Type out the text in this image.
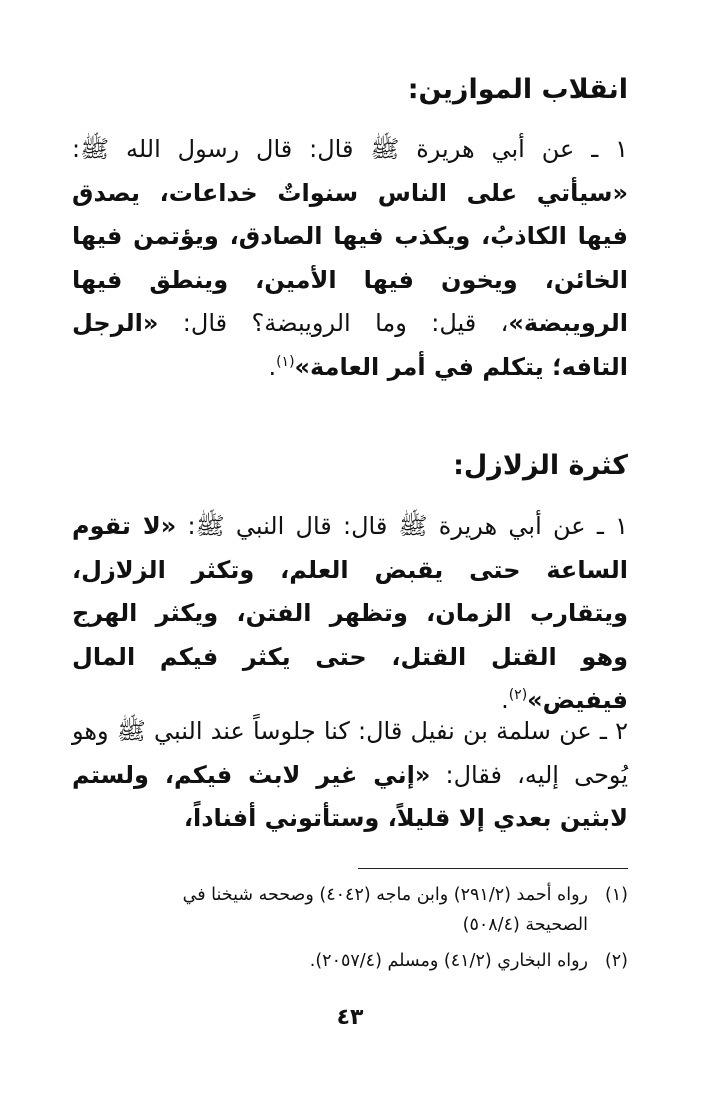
انقلاب الموازين:
١ ـ عن أبي هريرة ﷺ قال: قال رسول الله ﷺ: «سيأتي على الناس سنواتٌ خداعات، يصدق فيها الكاذبُ، ويكذب فيها الصادق، ويؤتمن فيها الخائن، ويخون فيها الأمين، وينطق فيها الرويبضة»، قيل: وما الرويبضة؟ قال: «الرجل التافه؛ يتكلم في أمر العامة»$^{(١)}$.
كثرة الزلازل:
١ ـ عن أبي هريرة ﷺ قال: قال النبي ﷺ: «لا تقوم الساعة حتى يقبض العلم، وتكثر الزلازل، ويتقارب الزمان، وتظهر الفتن، ويكثر الهرج وهو القتل القتل، حتى يكثر فيكم المال فيفيض»$^{(٢)}$.
٢ ـ عن سلمة بن نفيل قال: كنا جلوساً عند النبي ﷺ وهو يُوحى إليه، فقال: «إني غير لابث فيكم، ولستم لابثين بعدي إلا قليلاً، وستأتوني أفناداً،
(١)رواه أحمد (٢٩١/٢) وابن ماجه (٤٠٤٢) وصححه شيخنا في
الصحيحة (٥٠٨/٤)
(٢)رواه البخاري (٤١/٢) ومسلم (٢٠٥٧/٤).
٤٣
